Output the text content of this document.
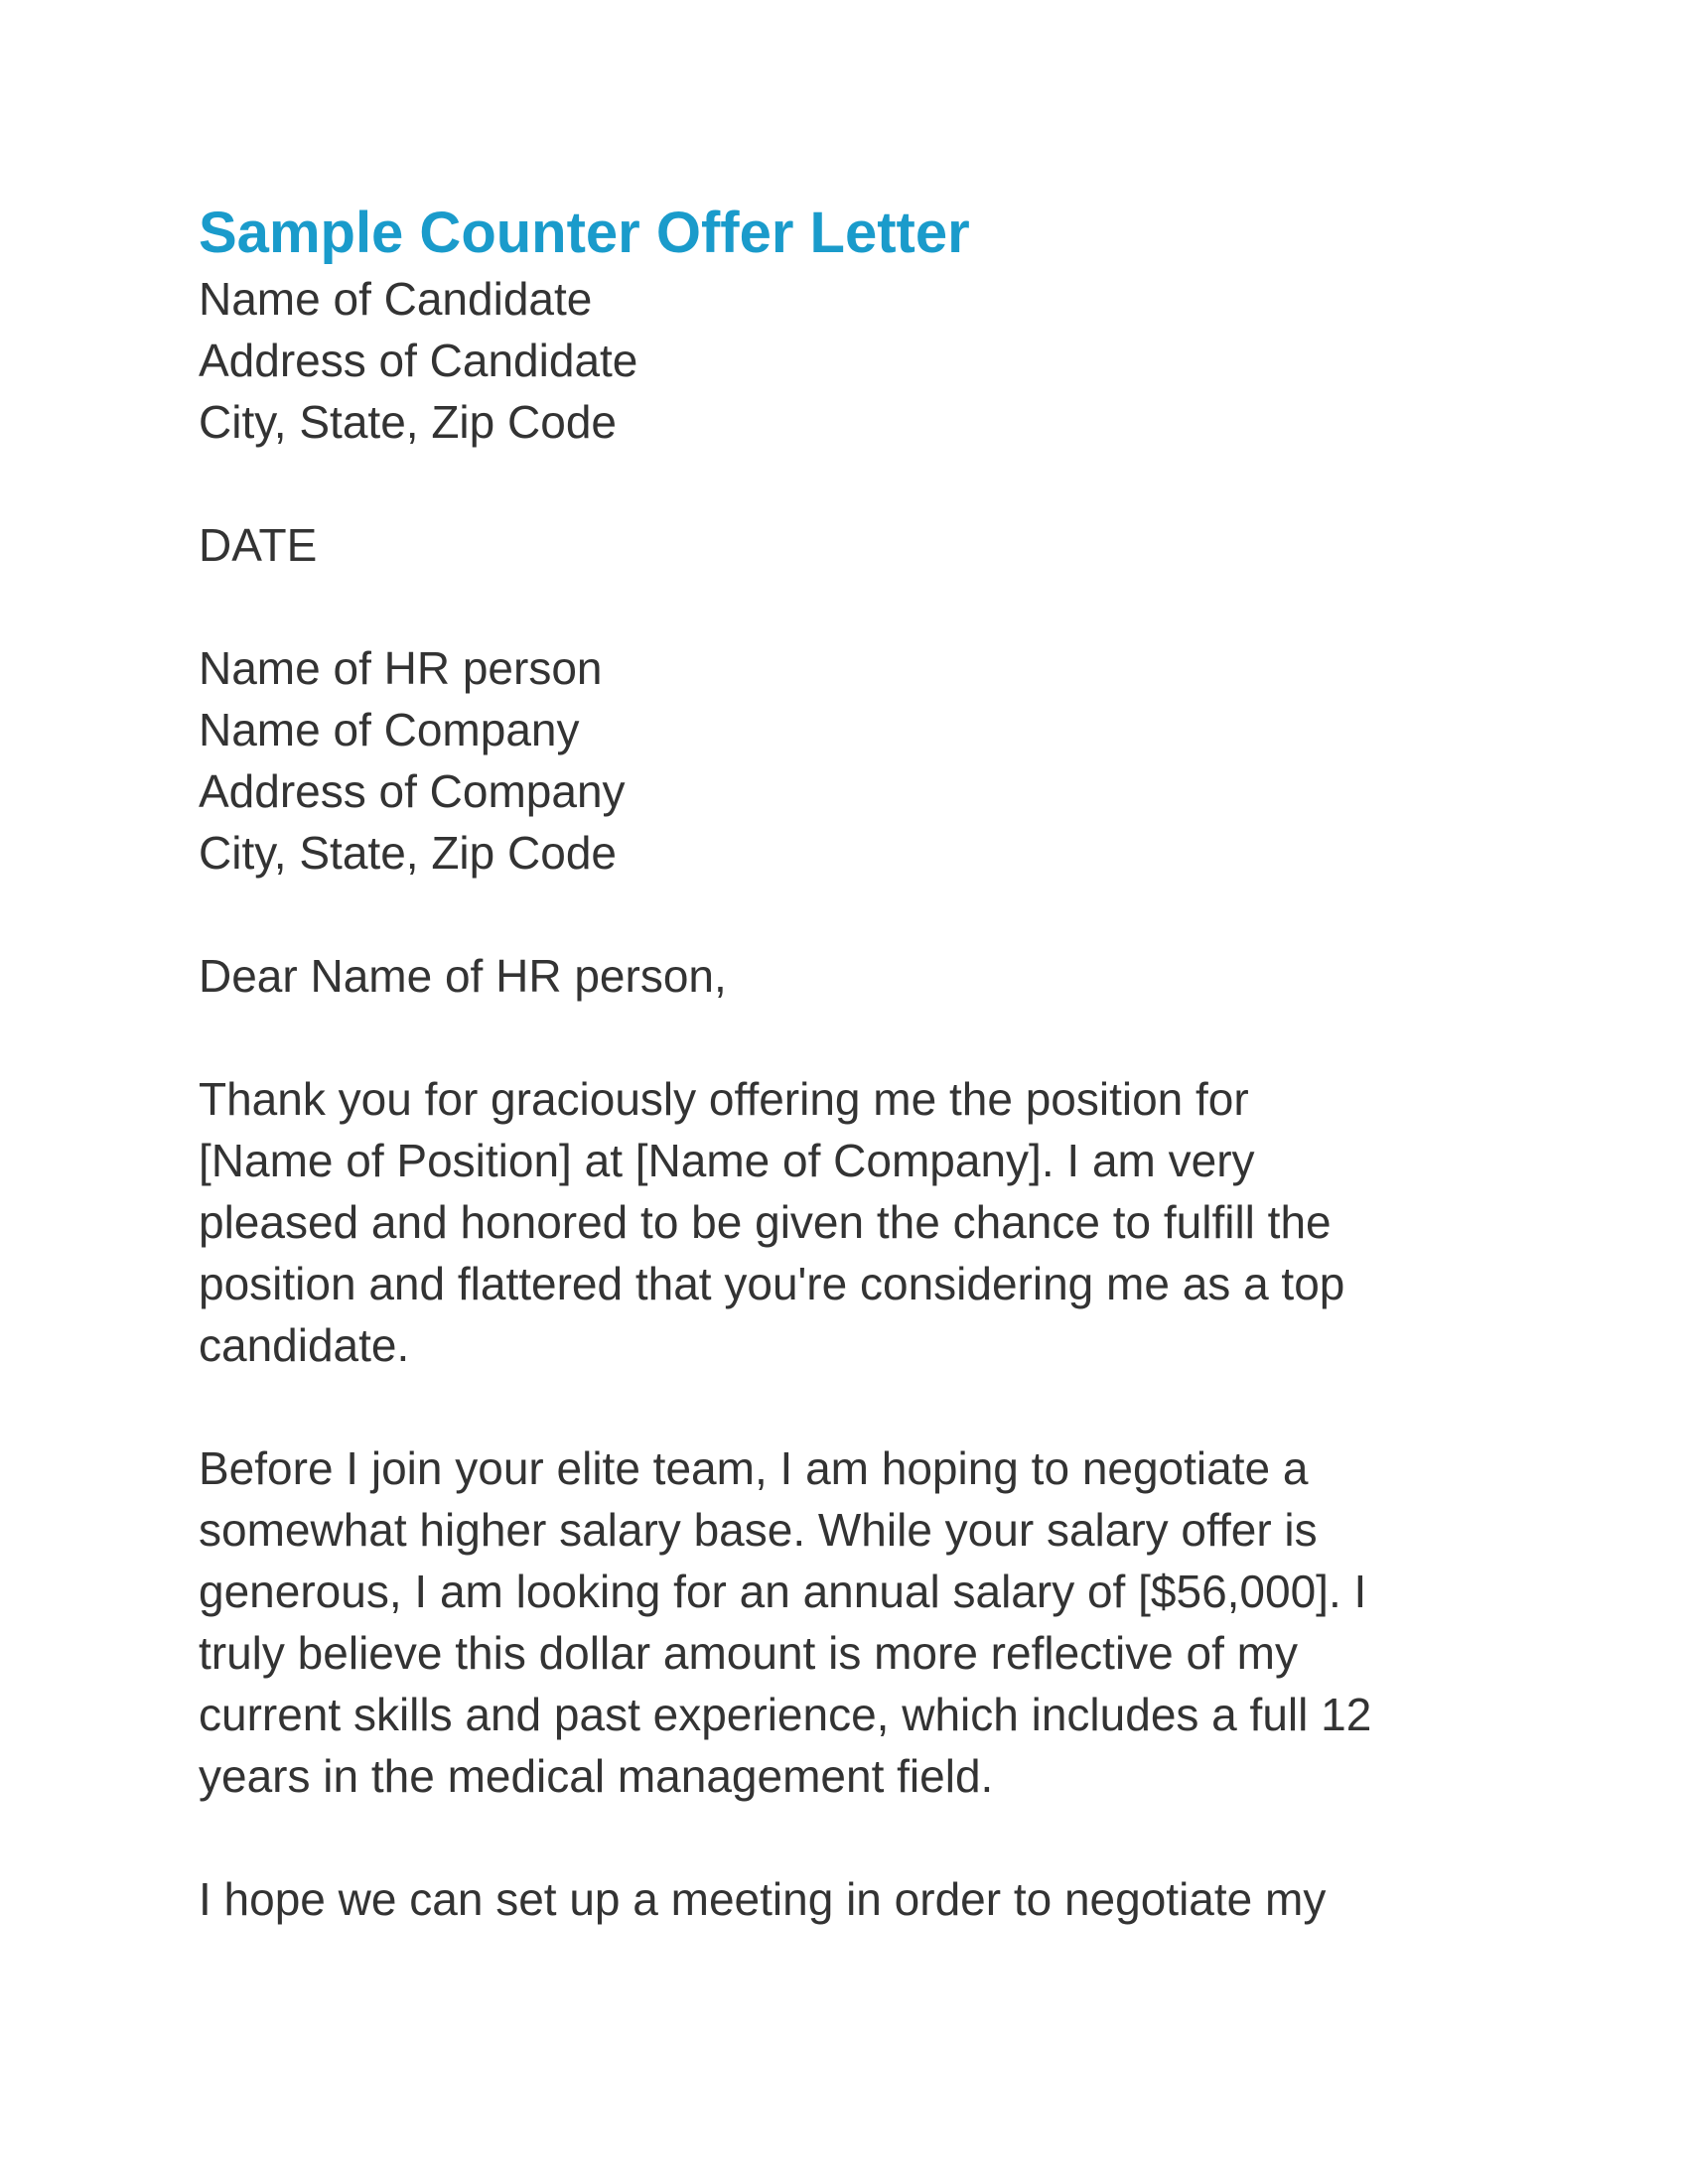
Sample Counter Offer Letter
Name of Candidate
Address of Candidate
City, State, Zip Code
DATE
Name of HR person
Name of Company
Address of Company
City, State, Zip Code
Dear Name of HR person,
Thank you for graciously offering me the position for
[Name of Position] at [Name of Company]. I am very
pleased and honored to be given the chance to fulfill the
position and flattered that you're considering me as a top
candidate.
Before I join your elite team, I am hoping to negotiate a
somewhat higher salary base. While your salary offer is
generous, I am looking for an annual salary of [$56,000]. I
truly believe this dollar amount is more reflective of my
current skills and past experience, which includes a full 12
years in the medical management field.
I hope we can set up a meeting in order to negotiate my
